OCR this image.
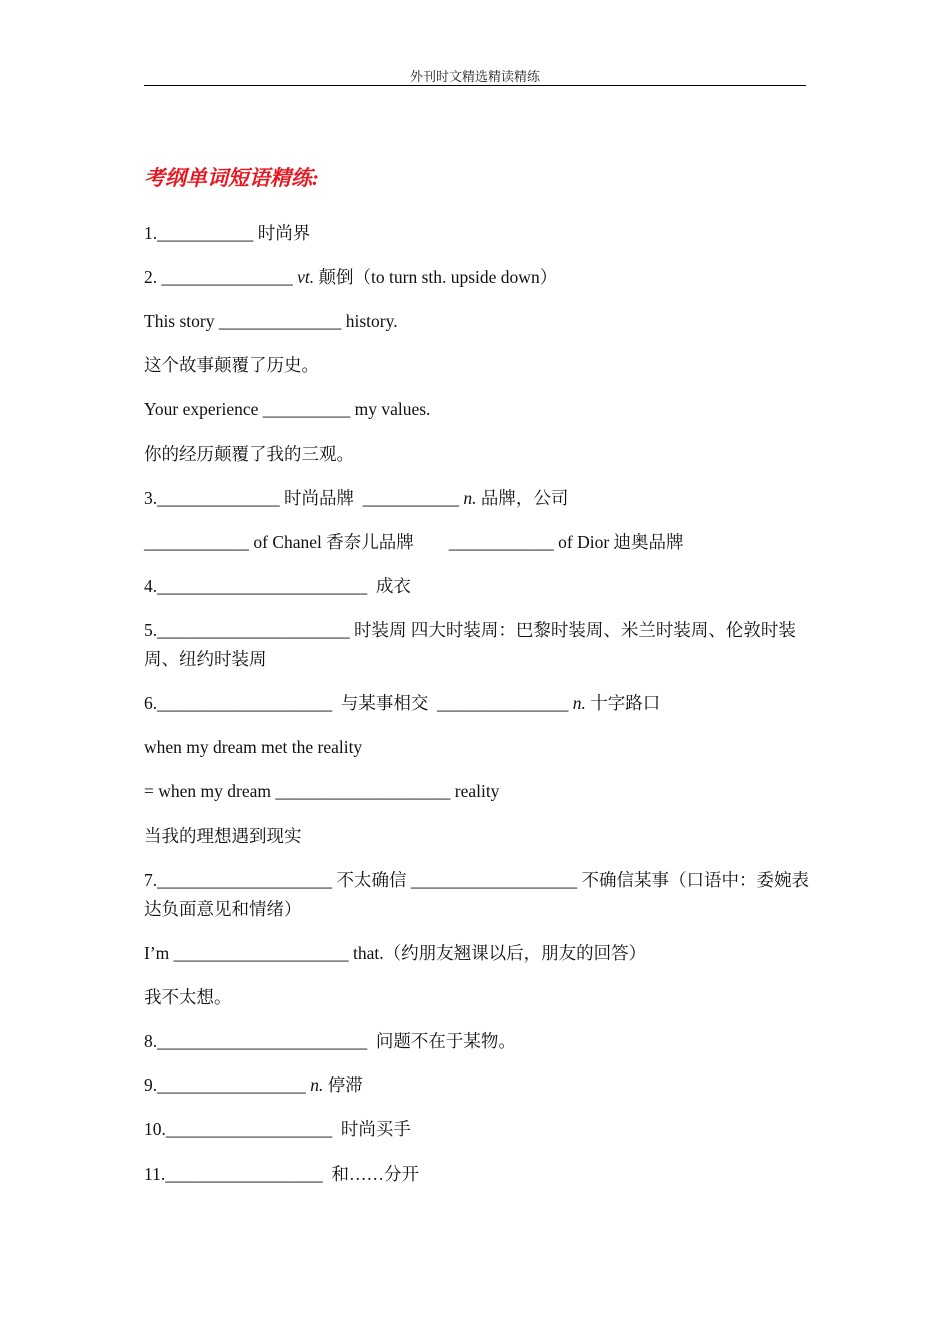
外刊时文精选精读精练
考纲单词短语精练:
1.___________ 时尚界
2. _______________ vt. 颠倒（to turn sth. upside down）
This story ______________ history.
这个故事颠覆了历史。
Your experience __________ my values.
你的经历颠覆了我的三观。
3.______________ 时尚品牌  ___________ n. 品牌，公司
____________ of Chanel 香奈儿品牌        ____________ of Dior 迪奥品牌
4.________________________  成衣
5.______________________ 时装周 四大时装周：巴黎时装周、米兰时装周、伦敦时装周、纽约时装周
6.____________________  与某事相交  _______________ n. 十字路口
when my dream met the reality
= when my dream ____________________ reality
当我的理想遇到现实
7.____________________ 不太确信 ___________________ 不确信某事（口语中：委婉表达负面意见和情绪）
I’m ____________________ that.（约朋友翘课以后，朋友的回答）
我不太想。
8.________________________  问题不在于某物。
9._________________ n. 停滞
10.___________________  时尚买手
11.__________________  和……分开
